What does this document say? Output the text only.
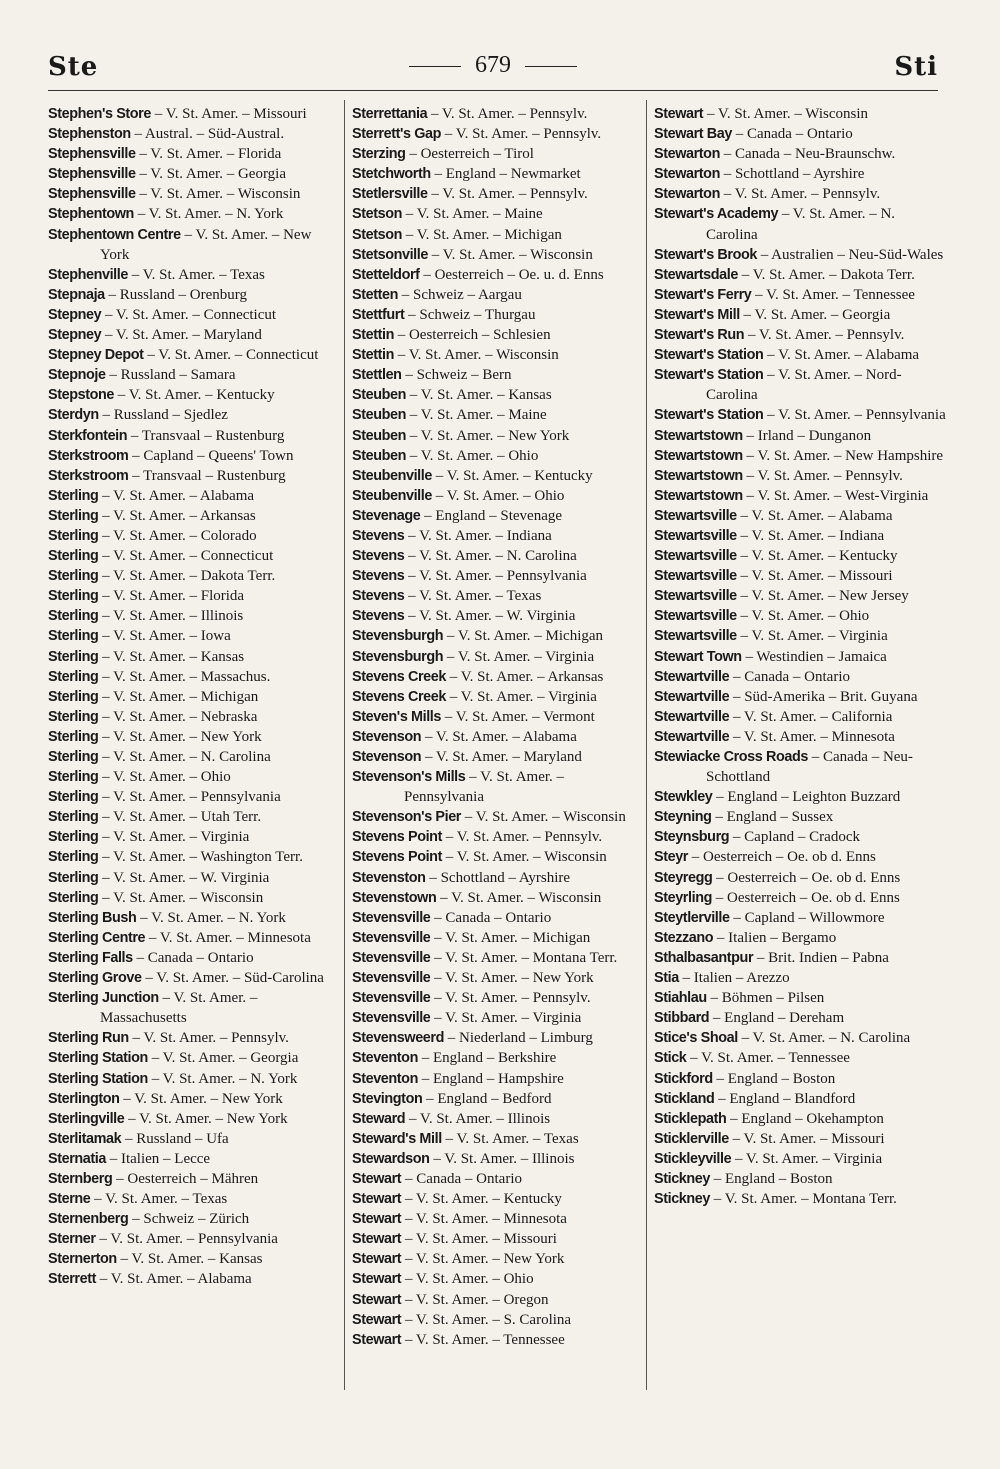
Ste	679	Sti

Stephen's Store – V. St. Amer. – Missouri

Stephenston – Austral. – Süd-Austral.

Stephensville – V. St. Amer. – Florida

Stephensville – V. St. Amer. – Georgia

Stephensville – V. St. Amer. – Wisconsin

Stephentown – V. St. Amer. – N. York

Stephentown Centre – V. St. Amer. – New York

Stephenville – V. St. Amer. – Texas

Stepnaja – Russland – Orenburg

Stepney – V. St. Amer. – Connecticut

Stepney – V. St. Amer. – Maryland

Stepney Depot – V. St. Amer. – Connecticut

Stepnoje – Russland – Samara

Stepstone – V. St. Amer. – Kentucky

Sterdyn – Russland – Sjedlez

Sterkfontein – Transvaal – Rustenburg

Sterkstroom – Capland – Queens' Town

Sterkstroom – Transvaal – Rustenburg

Sterling – V. St. Amer. – Alabama

Sterling – V. St. Amer. – Arkansas

Sterling – V. St. Amer. – Colorado

Sterling – V. St. Amer. – Connecticut

Sterling – V. St. Amer. – Dakota Terr.

Sterling – V. St. Amer. – Florida

Sterling – V. St. Amer. – Illinois

Sterling – V. St. Amer. – Iowa

Sterling – V. St. Amer. – Kansas

Sterling – V. St. Amer. – Massachus.

Sterling – V. St. Amer. – Michigan

Sterling – V. St. Amer. – Nebraska

Sterling – V. St. Amer. – New York

Sterling – V. St. Amer. – N. Carolina

Sterling – V. St. Amer. – Ohio

Sterling – V. St. Amer. – Pennsylvania

Sterling – V. St. Amer. – Utah Terr.

Sterling – V. St. Amer. – Virginia

Sterling – V. St. Amer. – Washington Terr.

Sterling – V. St. Amer. – W. Virginia

Sterling – V. St. Amer. – Wisconsin

Sterling Bush – V. St. Amer. – N. York

Sterling Centre – V. St. Amer. – Minnesota

Sterling Falls – Canada – Ontario

Sterling Grove – V. St. Amer. – Süd-Carolina

Sterling Junction – V. St. Amer. – Massachusetts

Sterling Run – V. St. Amer. – Pennsylv.

Sterling Station – V. St. Amer. – Georgia

Sterling Station – V. St. Amer. – N. York

Sterlington – V. St. Amer. – New York

Sterlingville – V. St. Amer. – New York

Sterlitamak – Russland – Ufa

Sternatia – Italien – Lecce

Sternberg – Oesterreich – Mähren

Sterne – V. St. Amer. – Texas

Sternenberg – Schweiz – Zürich

Sterner – V. St. Amer. – Pennsylvania

Sternerton – V. St. Amer. – Kansas

Sterrett – V. St. Amer. – Alabama

Sterrettania – V. St. Amer. – Pennsylv.

Sterrett's Gap – V. St. Amer. – Pennsylv.

Sterzing – Oesterreich – Tirol

Stetchworth – England – Newmarket

Stetlersville – V. St. Amer. – Pennsylv.

Stetson – V. St. Amer. – Maine

Stetson – V. St. Amer. – Michigan

Stetsonville – V. St. Amer. – Wisconsin

Stetteldorf – Oesterreich – Oe. u. d. Enns

Stetten – Schweiz – Aargau

Stettfurt – Schweiz – Thurgau

Stettin – Oesterreich – Schlesien

Stettin – V. St. Amer. – Wisconsin

Stettlen – Schweiz – Bern

Steuben – V. St. Amer. – Kansas

Steuben – V. St. Amer. – Maine

Steuben – V. St. Amer. – New York

Steuben – V. St. Amer. – Ohio

Steubenville – V. St. Amer. – Kentucky

Steubenville – V. St. Amer. – Ohio

Stevenage – England – Stevenage

Stevens – V. St. Amer. – Indiana

Stevens – V. St. Amer. – N. Carolina

Stevens – V. St. Amer. – Pennsylvania

Stevens – V. St. Amer. – Texas

Stevens – V. St. Amer. – W. Virginia

Stevensburgh – V. St. Amer. – Michigan

Stevensburgh – V. St. Amer. – Virginia

Stevens Creek – V. St. Amer. – Arkansas

Stevens Creek – V. St. Amer. – Virginia

Steven's Mills – V. St. Amer. – Vermont

Stevenson – V. St. Amer. – Alabama

Stevenson – V. St. Amer. – Maryland

Stevenson's Mills – V. St. Amer. – Pennsylvania

Stevenson's Pier – V. St. Amer. – Wisconsin

Stevens Point – V. St. Amer. – Pennsylv.

Stevens Point – V. St. Amer. – Wisconsin

Stevenston – Schottland – Ayrshire

Stevenstown – V. St. Amer. – Wisconsin

Stevensville – Canada – Ontario

Stevensville – V. St. Amer. – Michigan

Stevensville – V. St. Amer. – Montana Terr.

Stevensville – V. St. Amer. – New York

Stevensville – V. St. Amer. – Pennsylv.

Stevensville – V. St. Amer. – Virginia

Stevensweerd – Niederland – Limburg

Steventon – England – Berkshire

Steventon – England – Hampshire

Stevington – England – Bedford

Steward – V. St. Amer. – Illinois

Steward's Mill – V. St. Amer. – Texas

Stewardson – V. St. Amer. – Illinois

Stewart – Canada – Ontario

Stewart – V. St. Amer. – Kentucky

Stewart – V. St. Amer. – Minnesota

Stewart – V. St. Amer. – Missouri

Stewart – V. St. Amer. – New York

Stewart – V. St. Amer. – Ohio

Stewart – V. St. Amer. – Oregon

Stewart – V. St. Amer. – S. Carolina

Stewart – V. St. Amer. – Tennessee

Stewart – V. St. Amer. – Wisconsin

Stewart Bay – Canada – Ontario

Stewarton – Canada – Neu-Braunschw.

Stewarton – Schottland – Ayrshire

Stewarton – V. St. Amer. – Pennsylv.

Stewart's Academy – V. St. Amer. – N. Carolina

Stewart's Brook – Australien – Neu-Süd-Wales

Stewartsdale – V. St. Amer. – Dakota Terr.

Stewart's Ferry – V. St. Amer. – Tennessee

Stewart's Mill – V. St. Amer. – Georgia

Stewart's Run – V. St. Amer. – Pennsylv.

Stewart's Station – V. St. Amer. – Alabama

Stewart's Station – V. St. Amer. – Nord-Carolina

Stewart's Station – V. St. Amer. – Pennsylvania

Stewartstown – Irland – Dunganon

Stewartstown – V. St. Amer. – New Hampshire

Stewartstown – V. St. Amer. – Pennsylv.

Stewartstown – V. St. Amer. – West-Virginia

Stewartsville – V. St. Amer. – Alabama

Stewartsville – V. St. Amer. – Indiana

Stewartsville – V. St. Amer. – Kentucky

Stewartsville – V. St. Amer. – Missouri

Stewartsville – V. St. Amer. – New Jersey

Stewartsville – V. St. Amer. – Ohio

Stewartsville – V. St. Amer. – Virginia

Stewart Town – Westindien – Jamaica

Stewartville – Canada – Ontario

Stewartville – Süd-Amerika – Brit. Guyana

Stewartville – V. St. Amer. – California

Stewartville – V. St. Amer. – Minnesota

Stewiacke Cross Roads – Canada – Neu-Schottland

Stewkley – England – Leighton Buzzard

Steyning – England – Sussex

Steynsburg – Capland – Cradock

Steyr – Oesterreich – Oe. ob d. Enns

Steyregg – Oesterreich – Oe. ob d. Enns

Steyrling – Oesterreich – Oe. ob d. Enns

Steytlerville – Capland – Willowmore

Stezzano – Italien – Bergamo

Sthalbasantpur – Brit. Indien – Pabna

Stia – Italien – Arezzo

Stiahlau – Böhmen – Pilsen

Stibbard – England – Dereham

Stice's Shoal – V. St. Amer. – N. Carolina

Stick – V. St. Amer. – Tennessee

Stickford – England – Boston

Stickland – England – Blandford

Sticklepath – England – Okehampton

Sticklerville – V. St. Amer. – Missouri

Stickleyville – V. St. Amer. – Virginia

Stickney – England – Boston

Stickney – V. St. Amer. – Montana Terr.
